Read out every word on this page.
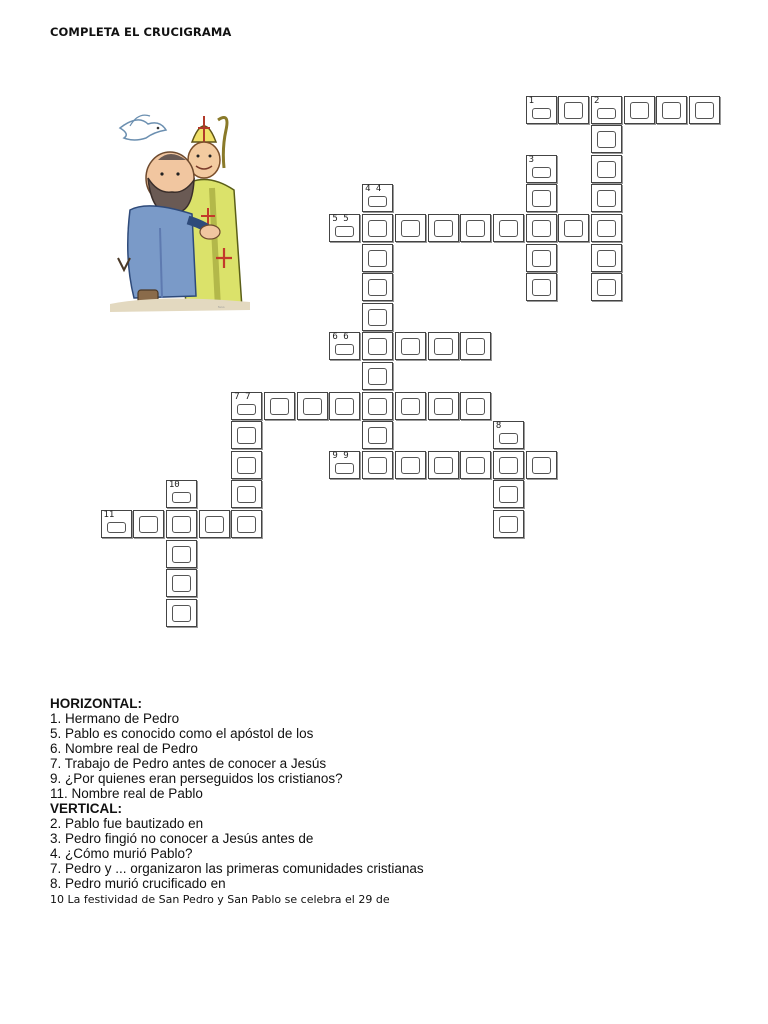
COMPLETA EL CRUCIGRAMA
fano
1	2
3
4 4
5 5
6 6
7 7
8
9 9
10
11
HORIZONTAL:
1. Hermano de Pedro
5. Pablo es conocido como el apóstol de los
6. Nombre real de Pedro
7. Trabajo de Pedro antes de conocer a Jesús
9. ¿Por quienes eran perseguidos los cristianos?
11. Nombre real de Pablo
VERTICAL:
2. Pablo fue bautizado en
3. Pedro fingió no conocer a Jesús antes de
4. ¿Cómo murió Pablo?
7. Pedro y ... organizaron las primeras comunidades cristianas
8. Pedro murió crucificado en
10 La festividad de San Pedro y San Pablo se celebra el 29 de
